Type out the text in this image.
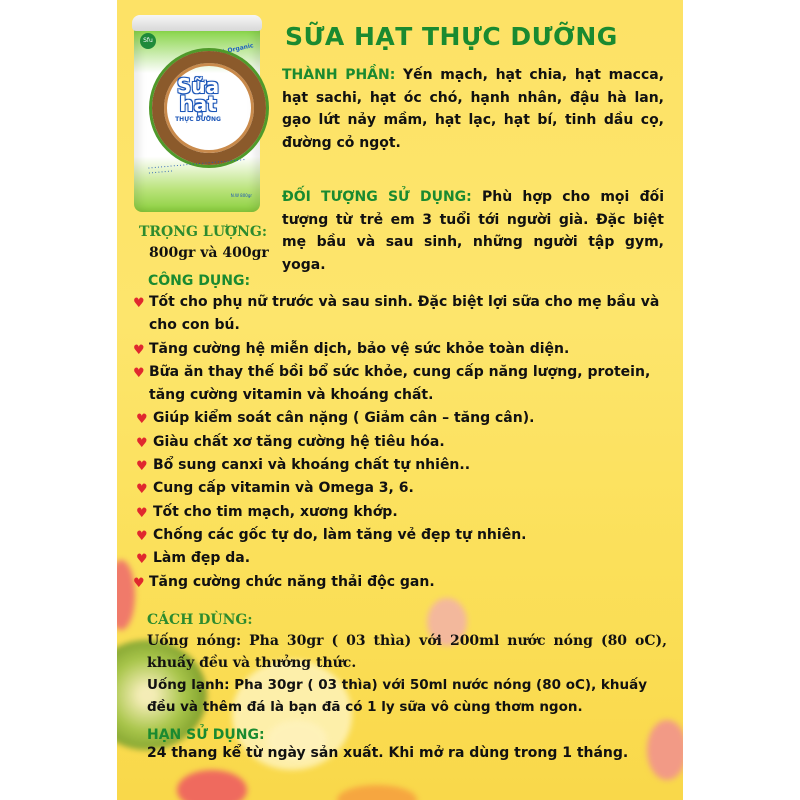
Sfu
100% Organic
Sữa
hạt
THỰC DƯỠNG
• • • • • • • • • • • • • • • • • • • • • • • • • • • • • • • • • • • • • • •
N.W 800gr
SỮA HẠT THỰC DƯỠNG
THÀNH PHẦN: Yến mạch, hạt chia, hạt macca, hạt sachi, hạt óc chó, hạnh nhân, đậu hà lan, gạo lứt nảy mầm, hạt lạc, hạt bí, tinh dầu cọ, đường cỏ ngọt.
ĐỐI TƯỢNG SỬ DỤNG: Phù hợp cho mọi đối tượng từ trẻ em 3 tuổi tới người già. Đặc biệt mẹ bầu và sau sinh, những người tập gym, yoga.
TRỌNG LƯỢNG:
800gr và 400gr
CÔNG DỤNG:
♥ Tốt cho phụ nữ trước và sau sinh. Đặc biệt lợi sữa cho mẹ bầu và cho con bú.
♥ Tăng cường hệ miễn dịch, bảo vệ sức khỏe toàn diện.
♥ Bữa ăn thay thế bồi bổ sức khỏe, cung cấp năng lượng, protein, tăng cường vitamin và khoáng chất.
♥ Giúp kiểm soát cân nặng ( Giảm cân – tăng cân).
♥ Giàu chất xơ tăng cường hệ tiêu hóa.
♥ Bổ sung canxi và khoáng chất tự nhiên..
♥ Cung cấp vitamin và Omega 3, 6.
♥ Tốt cho tim mạch, xương khớp.
♥ Chống các gốc tự do, làm tăng vẻ đẹp tự nhiên.
♥ Làm đẹp da.
♥ Tăng cường chức năng thải độc gan.
CÁCH DÙNG:
Uống nóng: Pha 30gr ( 03 thìa) với 200ml nước nóng (80 oC), khuấy đều và thưởng thức.
Uống lạnh: Pha 30gr ( 03 thìa) với 50ml nước nóng (80 oC), khuấy đều và thêm đá là bạn đã có 1 ly sữa vô cùng thơm ngon.
HẠN SỬ DỤNG:
24 thang kể từ ngày sản xuất. Khi mở ra dùng trong 1 tháng.
